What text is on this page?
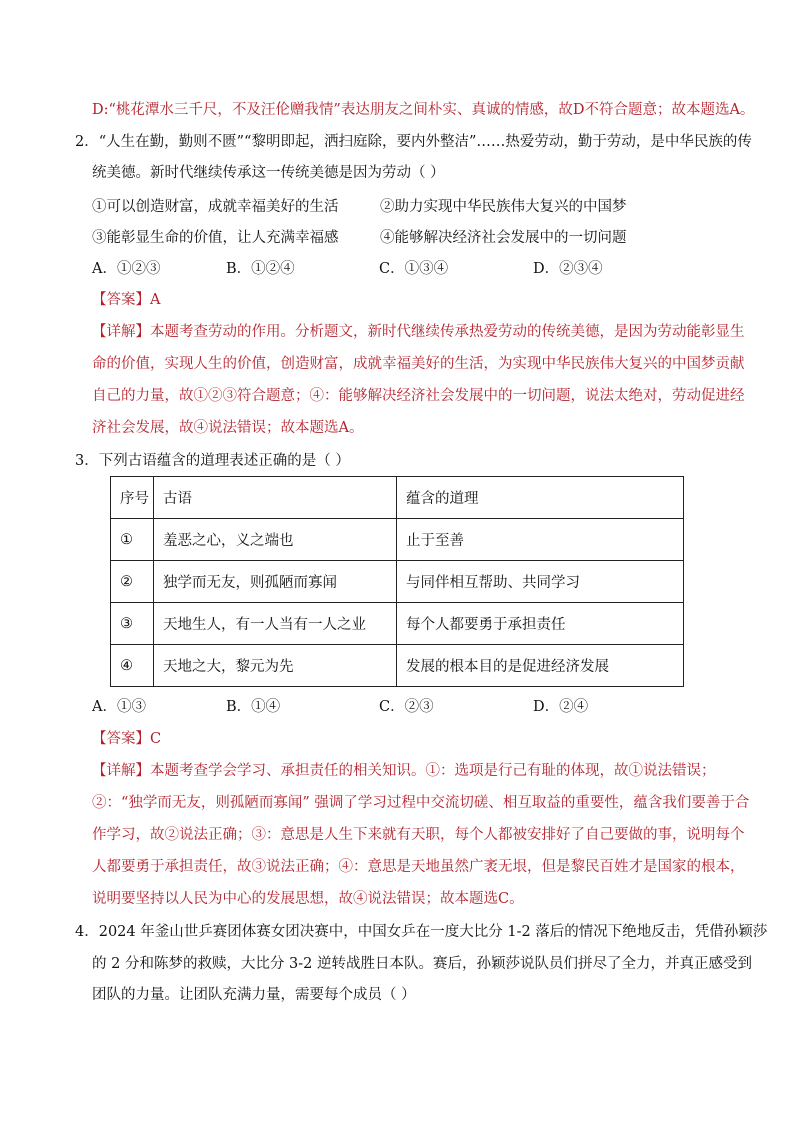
D:“桃花潭水三千尺，不及汪伦赠我情”表达朋友之间朴实、真诚的情感，故D不符合题意；故本题选A。
2．“人生在勤，勤则不匮”“黎明即起，洒扫庭除，要内外整洁”……热爱劳动，勤于劳动，是中华民族的传
统美德。新时代继续传承这一传统美德是因为劳动（ ）
①可以创造财富，成就幸福美好的生活	②助力实现中华民族伟大复兴的中国梦
③能彰显生命的价值，让人充满幸福感	④能够解决经济社会发展中的一切问题
A．①②③	B．①②④	C．①③④	D．②③④
【答案】A
【详解】本题考查劳动的作用。分析题文，新时代继续传承热爱劳动的传统美德，是因为劳动能彰显生
命的价值，实现人生的价值，创造财富，成就幸福美好的生活，为实现中华民族伟大复兴的中国梦贡献
自己的力量，故①②③符合题意；④：能够解决经济社会发展中的一切问题，说法太绝对，劳动促进经
济社会发展，故④说法错误；故本题选A。
3．下列古语蕴含的道理表述正确的是（ ）
序号	古语	蕴含的道理
①	羞恶之心，义之端也	止于至善
②	独学而无友，则孤陋而寡闻	与同伴相互帮助、共同学习
③	天地生人，有一人当有一人之业	每个人都要勇于承担责任
④	天地之大，黎元为先	发展的根本目的是促进经济发展
A．①③	B．①④	C．②③	D．②④
【答案】C
【详解】本题考查学会学习、承担责任的相关知识。①：选项是行己有耻的体现，故①说法错误；
②：“独学而无友，则孤陋而寡闻” 强调了学习过程中交流切磋、相互取益的重要性，蕴含我们要善于合
作学习，故②说法正确；③：意思是人生下来就有天职，每个人都被安排好了自己要做的事，说明每个
人都要勇于承担责任，故③说法正确；④：意思是天地虽然广袤无垠，但是黎民百姓才是国家的根本，
说明要坚持以人民为中心的发展思想，故④说法错误；故本题选C。
4．2024 年釜山世乒赛团体赛女团决赛中，中国女乒在一度大比分 1-2 落后的情况下绝地反击，凭借孙颖莎
的 2 分和陈梦的救赎，大比分 3-2 逆转战胜日本队。赛后，孙颖莎说队员们拼尽了全力，并真正感受到
团队的力量。让团队充满力量，需要每个成员（ ）
